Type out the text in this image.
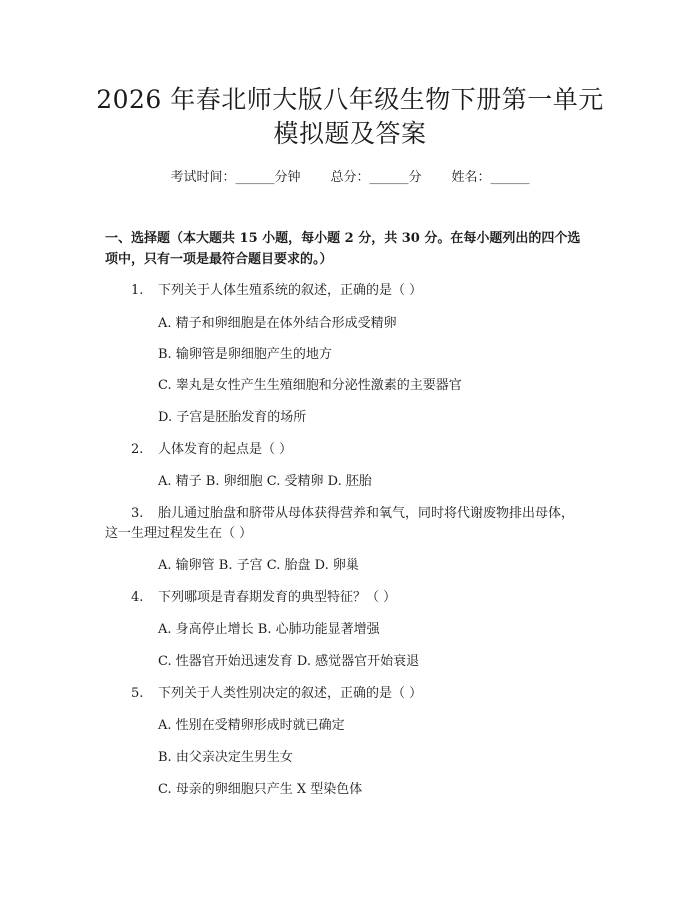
2026 年春北师大版八年级生物下册第一单元
模拟题及答案
考试时间：______分钟 总分：______分 姓名：______
一、选择题（本大题共 15 小题，每小题 2 分，共 30 分。在每小题列出的四个选
项中，只有一项是最符合题目要求的。）
1. 下列关于人体生殖系统的叙述，正确的是（ ）
A. 精子和卵细胞是在体外结合形成受精卵
B. 输卵管是卵细胞产生的地方
C. 睾丸是女性产生生殖细胞和分泌性激素的主要器官
D. 子宫是胚胎发育的场所
2. 人体发育的起点是（ ）
A. 精子 B. 卵细胞 C. 受精卵 D. 胚胎
3. 胎儿通过胎盘和脐带从母体获得营养和氧气，同时将代谢废物排出母体，
这一生理过程发生在（ ）
A. 输卵管 B. 子宫 C. 胎盘 D. 卵巢
4. 下列哪项是青春期发育的典型特征？（ ）
A. 身高停止增长 B. 心肺功能显著增强
C. 性器官开始迅速发育 D. 感觉器官开始衰退
5. 下列关于人类性别决定的叙述，正确的是（ ）
A. 性别在受精卵形成时就已确定
B. 由父亲决定生男生女
C. 母亲的卵细胞只产生 X 型染色体
